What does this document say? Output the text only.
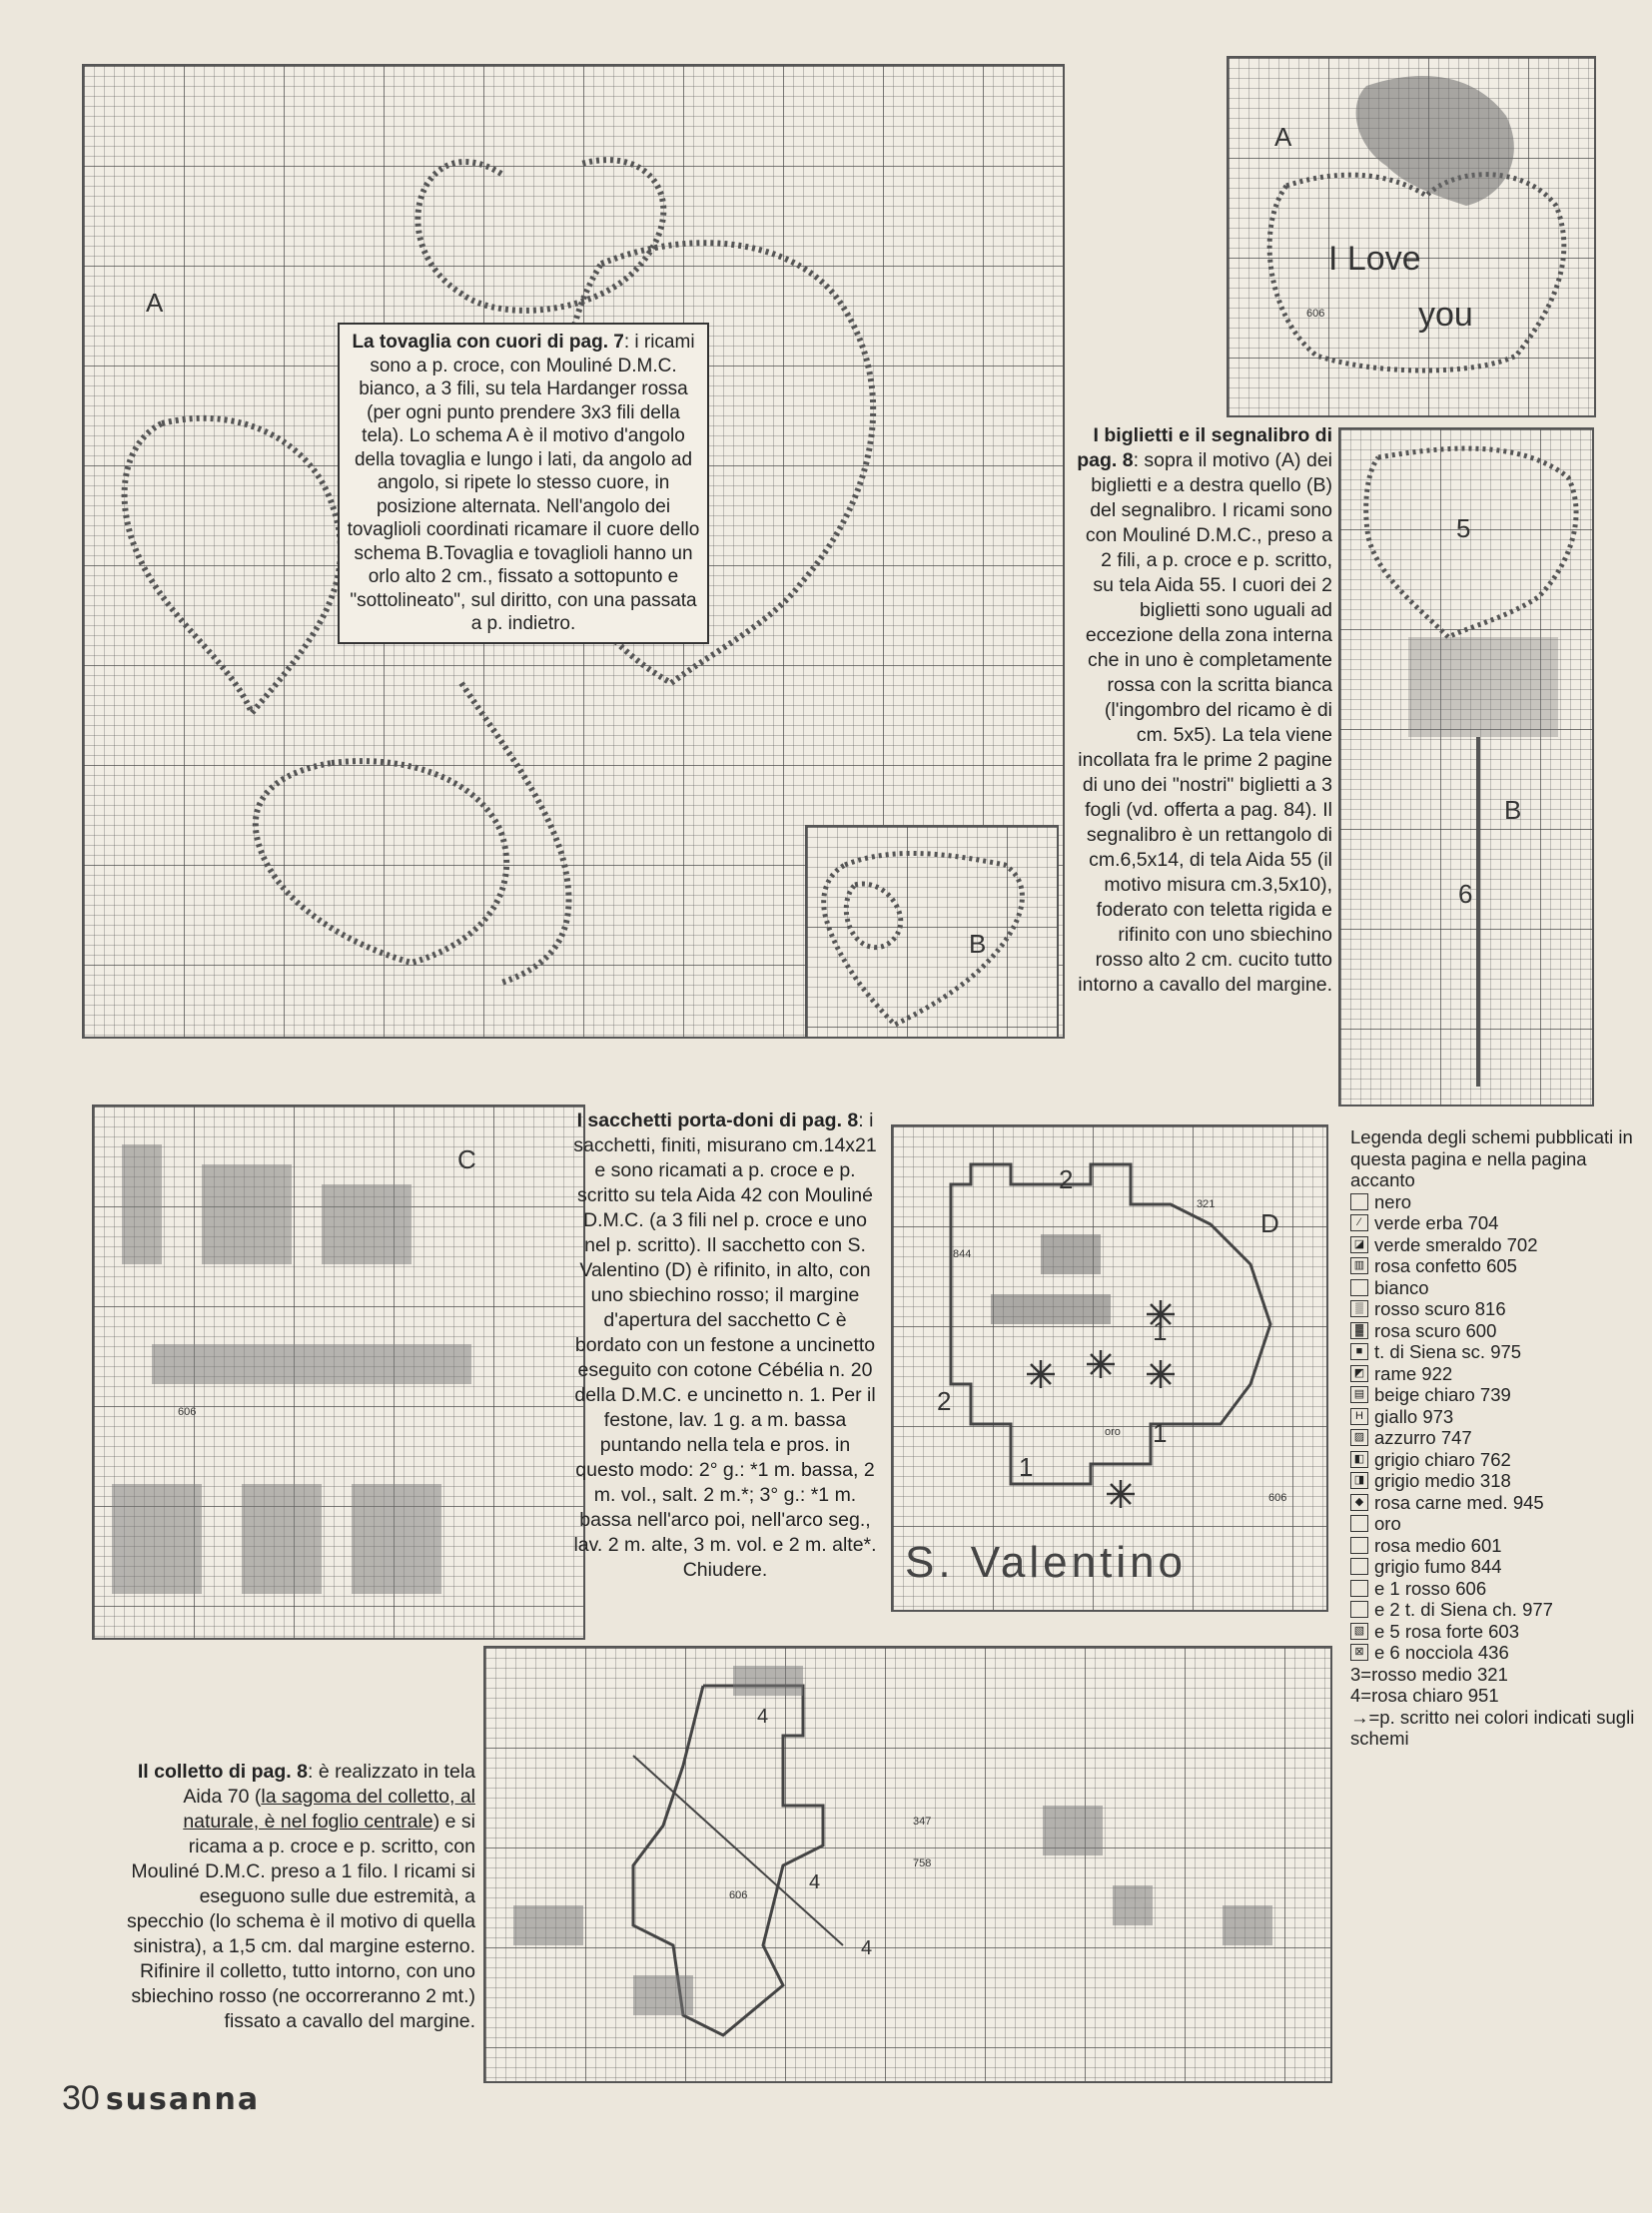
A
B
A
I Love
you
606
B
5
6
C
606
D
321
844
606
oro
2
2
1
1
1
S. Valentino
347
758
606
4
4
4
La tovaglia con cuori di pag. 7: i ricami sono a p. croce, con Mouliné D.M.C. bianco, a 3 fili, su tela Hardanger rossa (per ogni punto prendere 3x3 fili della tela). Lo schema A è il motivo d'angolo della tovaglia e lungo i lati, da angolo ad angolo, si ripete lo stesso cuore, in posizione alternata. Nell'angolo dei tovaglioli coordinati ricamare il cuore dello schema B.Tovaglia e tovaglioli hanno un orlo alto 2 cm., fissato a sottopunto e "sottolineato", sul diritto, con una passata a p. indietro.
I biglietti e il segnalibro di pag. 8: sopra il motivo (A) dei biglietti e a destra quello (B) del segnalibro. I ricami sono con Mouliné D.M.C., preso a 2 fili, a p. croce e p. scritto, su tela Aida 55. I cuori dei 2 biglietti sono uguali ad eccezione della zona interna che in uno è completamente rossa con la scritta bianca (l'ingombro del ricamo è di cm. 5x5). La tela viene incollata fra le prime 2 pagine di uno dei "nostri" biglietti a 3 fogli (vd. offerta a pag. 84). Il segnalibro è un rettangolo di cm.6,5x14, di tela Aida 55 (il motivo misura cm.3,5x10), foderato con teletta rigida e rifinito con uno sbiechino rosso alto 2 cm. cucito tutto intorno a cavallo del margine.
I sacchetti porta-doni di pag. 8: i sacchetti, finiti, misurano cm.14x21 e sono ricamati a p. croce e p. scritto su tela Aida 42 con Mouliné D.M.C. (a 3 fili nel p. croce e uno nel p. scritto). Il sacchetto con S. Valentino (D) è rifinito, in alto, con uno sbiechino rosso; il margine d'apertura del sacchetto C è bordato con un festone a uncinetto eseguito con cotone Cébélia n. 20 della D.M.C. e uncinetto n. 1. Per il festone, lav. 1 g. a m. bassa puntando nella tela e pros. in questo modo: 2° g.: *1 m. bassa, 2 m. vol., salt. 2 m.*; 3° g.: *1 m. bassa nell'arco poi, nell'arco seg., lav. 2 m. alte, 3 m. vol. e 2 m. alte*. Chiudere.
Il colletto di pag. 8: è realizzato in tela Aida 70 (la sagoma del colletto, al naturale, è nel foglio centrale) e si ricama a p. croce e p. scritto, con Mouliné D.M.C. preso a 1 filo. I ricami si eseguono sulle due estremità, a specchio (lo schema è il motivo di quella sinistra), a 1,5 cm. dal margine esterno. Rifinire il colletto, tutto intorno, con uno sbiechino rosso (ne occorreranno 2 mt.) fissato a cavallo del margine.
Legenda degli schemi pubblicati in questa pagina e nella pagina accanto
nero
⁄ verde erba 704
◪ verde smeraldo 702
▥ rosa confetto 605
bianco
▒ rosso scuro 816
▓ rosa scuro 600
■ t. di Siena sc. 975
◩ rame 922
▤ beige chiaro 739
H giallo 973
▨ azzurro 747
◧ grigio chiaro 762
◨ grigio medio 318
◆ rosa carne med. 945
oro
rosa medio 601
grigio fumo 844
e 1 rosso 606
e 2 t. di Siena ch. 977
▧ e 5 rosa forte 603
⊠ e 6 nocciola 436
3=rosso medio 321
4=rosa chiaro 951
→=p. scritto nei colori indicati sugli schemi
30 susanna
